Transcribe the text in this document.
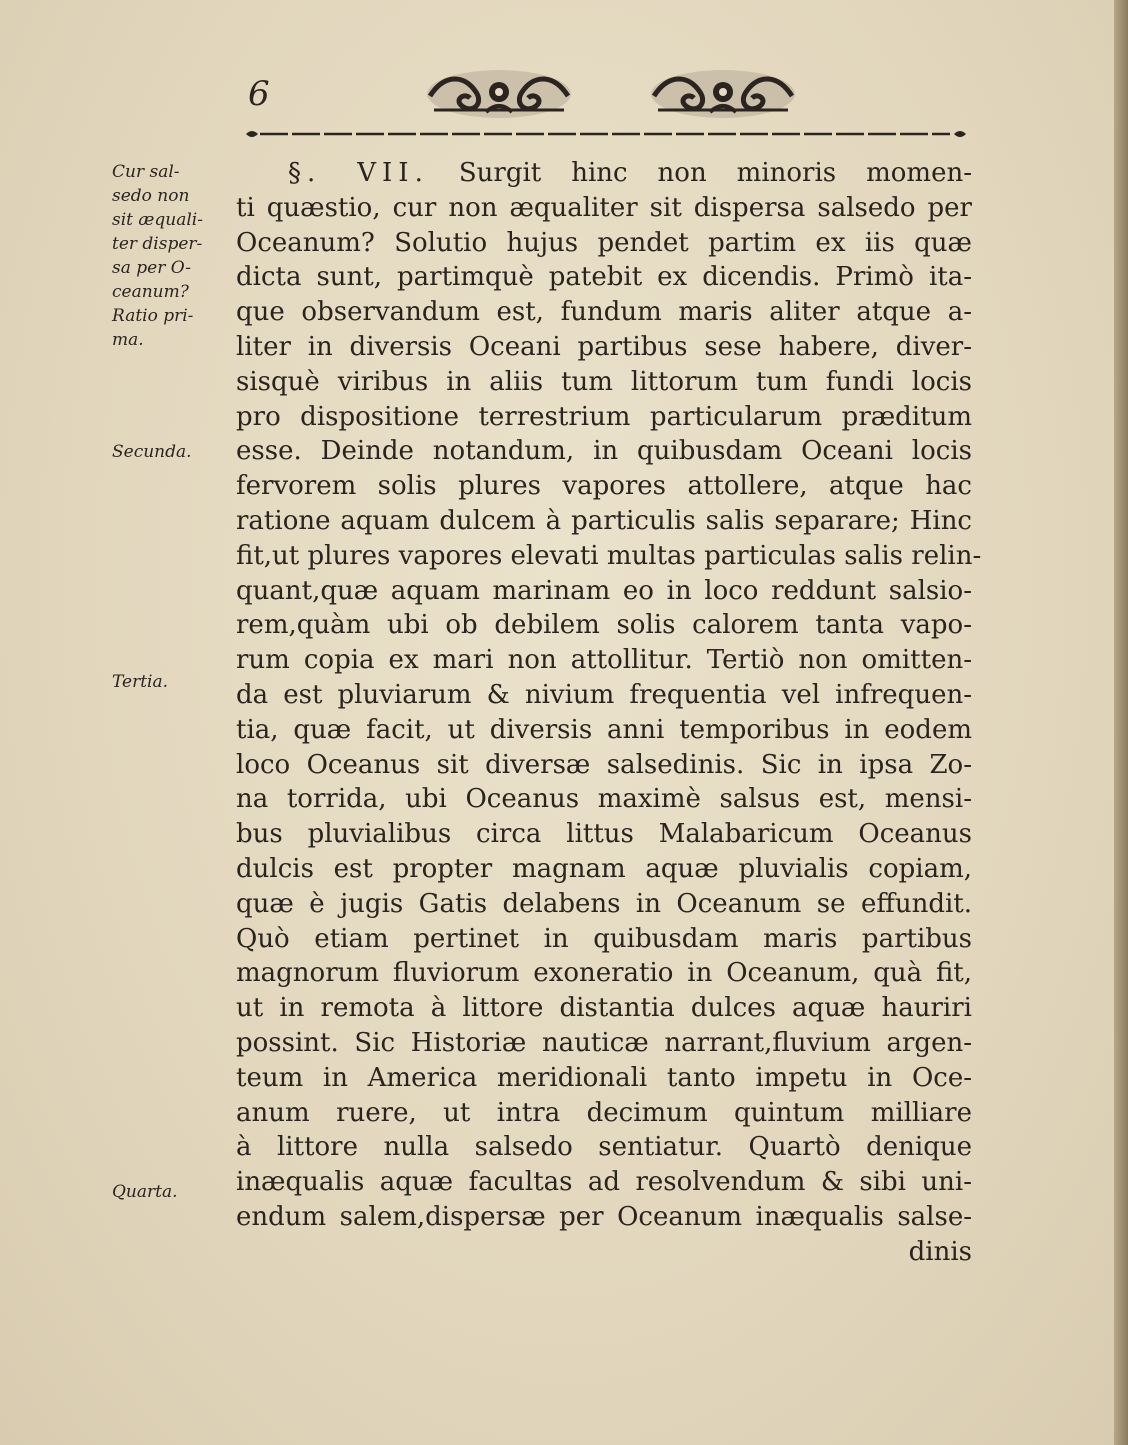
6
Cur sal-
sedo non
sit æquali-
ter disper-
sa per O-
ceanum?
Ratio pri-
ma.
Secunda.
Tertia.
Quarta.
§. VII. Surgit hinc non minoris momen-
ti quæstio, cur non æqualiter sit dispersa salsedo per
Oceanum? Solutio hujus pendet partim ex iis quæ
dicta sunt, partimquè patebit ex dicendis. Primò ita-
que observandum est, fundum maris aliter atque a-
liter in diversis Oceani partibus sese habere, diver-
sisquè viribus in aliis tum littorum tum fundi locis
pro dispositione terrestrium particularum præditum
esse. Deinde notandum, in quibusdam Oceani locis
fervorem solis plures vapores attollere, atque hac
ratione aquam dulcem à particulis salis separare; Hinc
fit,ut plures vapores elevati multas particulas salis relin-
quant,quæ aquam marinam eo in loco reddunt salsio-
rem,quàm ubi ob debilem solis calorem tanta vapo-
rum copia ex mari non attollitur. Tertiò non omitten-
da est pluviarum & nivium frequentia vel infrequen-
tia, quæ facit, ut diversis anni temporibus in eodem
loco Oceanus sit diversæ salsedinis. Sic in ipsa Zo-
na torrida, ubi Oceanus maximè salsus est, mensi-
bus pluvialibus circa littus Malabaricum Oceanus
dulcis est propter magnam aquæ pluvialis copiam,
quæ è jugis Gatis delabens in Oceanum se effundit.
Quò etiam pertinet in quibusdam maris partibus
magnorum fluviorum exoneratio in Oceanum, quà fit,
ut in remota à littore distantia dulces aquæ hauriri
possint. Sic Historiæ nauticæ narrant,fluvium argen-
teum in America meridionali tanto impetu in Oce-
anum ruere, ut intra decimum quintum milliare
à littore nulla salsedo sentiatur. Quartò denique
inæqualis aquæ facultas ad resolvendum & sibi uni-
endum salem,dispersæ per Oceanum inæqualis salse-
dinis
